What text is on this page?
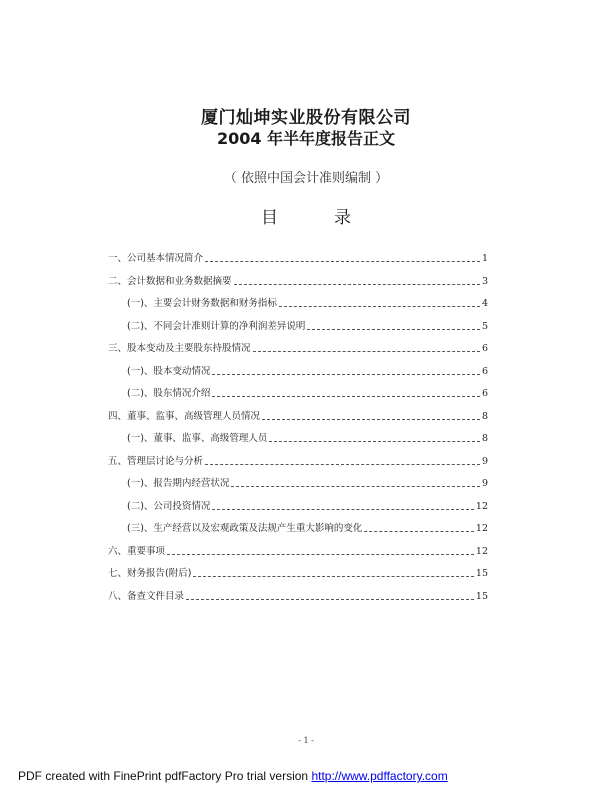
厦门灿坤实业股份有限公司
2004 年半年度报告正文
（ 依照中国会计准则编制 ）
目	录
一、公司基本情况简介	1
二、会计数据和业务数据摘要	3
(一)、主要会计财务数据和财务指标	4
(二)、不同会计准则计算的净利润差异说明	5
三、股本变动及主要股东持股情况	6
(一)、股本变动情况	6
(二)、股东情况介绍	6
四、董事、监事、高级管理人员情况	8
(一)、董事、监事、高级管理人员	8
五、管理层讨论与分析	9
(一)、报告期内经营状况	9
(二)、公司投资情况	12
(三)、生产经营以及宏观政策及法规产生重大影响的变化	12
六、重要事项	12
七、财务报告(附后)	15
八、备查文件目录	15
- 1 -
PDF created with FinePrint pdfFactory Pro trial version http://www.pdffactory.com
